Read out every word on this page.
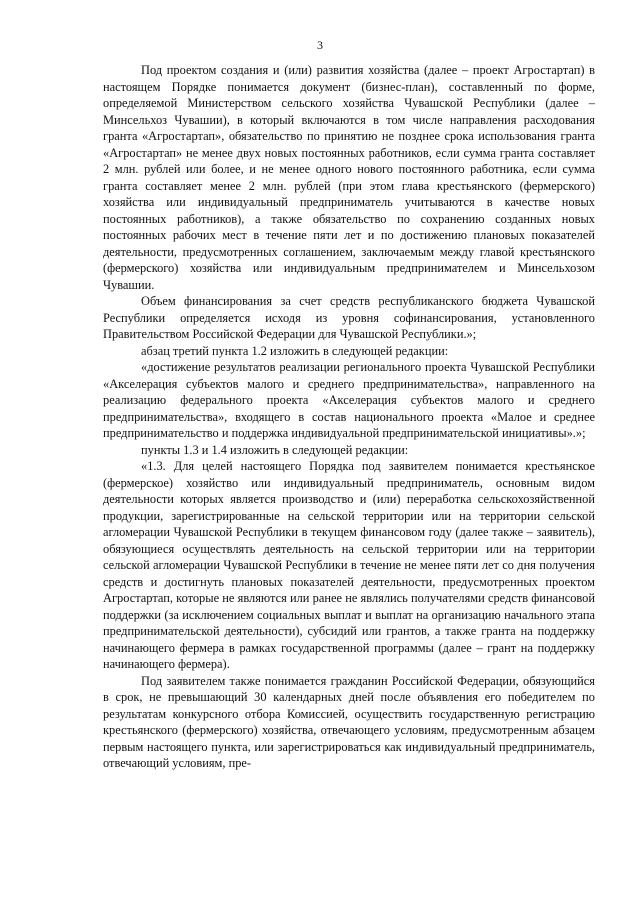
3

Под проектом создания и (или) развития хозяйства (далее – проект Агростартап) в настоящем Порядке понимается документ (бизнес-план), составленный по форме, определяемой Министерством сельского хозяйства Чувашской Республики (далее – Минсельхоз Чувашии), в который включаются в том числе направления расходования гранта «Агростартап», обязательство по принятию не позднее срока использования гранта «Агростартап» не менее двух новых постоянных работников, если сумма гранта составляет 2 млн. рублей или более, и не менее одного нового постоянного работника, если сумма гранта составляет менее 2 млн. рублей (при этом глава крестьянского (фермерского) хозяйства или индивидуальный предприниматель учитываются в качестве новых постоянных работников), а также обязательство по сохранению созданных новых постоянных рабочих мест в течение пяти лет и по достижению плановых показателей деятельности, предусмотренных соглашением, заключаемым между главой крестьянского (фермерского) хозяйства или индивидуальным предпринимателем и Минсельхозом Чувашии.

Объем финансирования за счет средств республиканского бюджета Чувашской Республики определяется исходя из уровня софинансирования, установленного Правительством Российской Федерации для Чувашской Республики.»;

абзац третий пункта 1.2 изложить в следующей редакции:

«достижение результатов реализации регионального проекта Чувашской Республики «Акселерация субъектов малого и среднего предпринимательства», направленного на реализацию федерального проекта «Акселерация субъектов малого и среднего предпринимательства», входящего в состав национального проекта «Малое и среднее предпринимательство и поддержка индивидуальной предпринимательской инициативы».»;

пункты 1.3 и 1.4 изложить в следующей редакции:

«1.3. Для целей настоящего Порядка под заявителем понимается крестьянское (фермерское) хозяйство или индивидуальный предприниматель, основным видом деятельности которых является производство и (или) переработка сельскохозяйственной продукции, зарегистрированные на сельской территории или на территории сельской агломерации Чувашской Республики в текущем финансовом году (далее также – заявитель), обязующиеся осуществлять деятельность на сельской территории или на территории сельской агломерации Чувашской Республики в течение не менее пяти лет со дня получения средств и достигнуть плановых показателей деятельности, предусмотренных проектом Агростартап, которые не являются или ранее не являлись получателями средств финансовой поддержки (за исключением социальных выплат и выплат на организацию начального этапа предпринимательской деятельности), субсидий или грантов, а также гранта на поддержку начинающего фермера в рамках государственной программы (далее – грант на поддержку начинающего фермера).

Под заявителем также понимается гражданин Российской Федерации, обязующийся в срок, не превышающий 30 календарных дней после объявления его победителем по результатам конкурсного отбора Комиссией, осуществить государственную регистрацию крестьянского (фермерского) хозяйства, отвечающего условиям, предусмотренным абзацем первым настоящего пункта, или зарегистрироваться как индивидуальный предприниматель, отвечающий условиям, пре-
